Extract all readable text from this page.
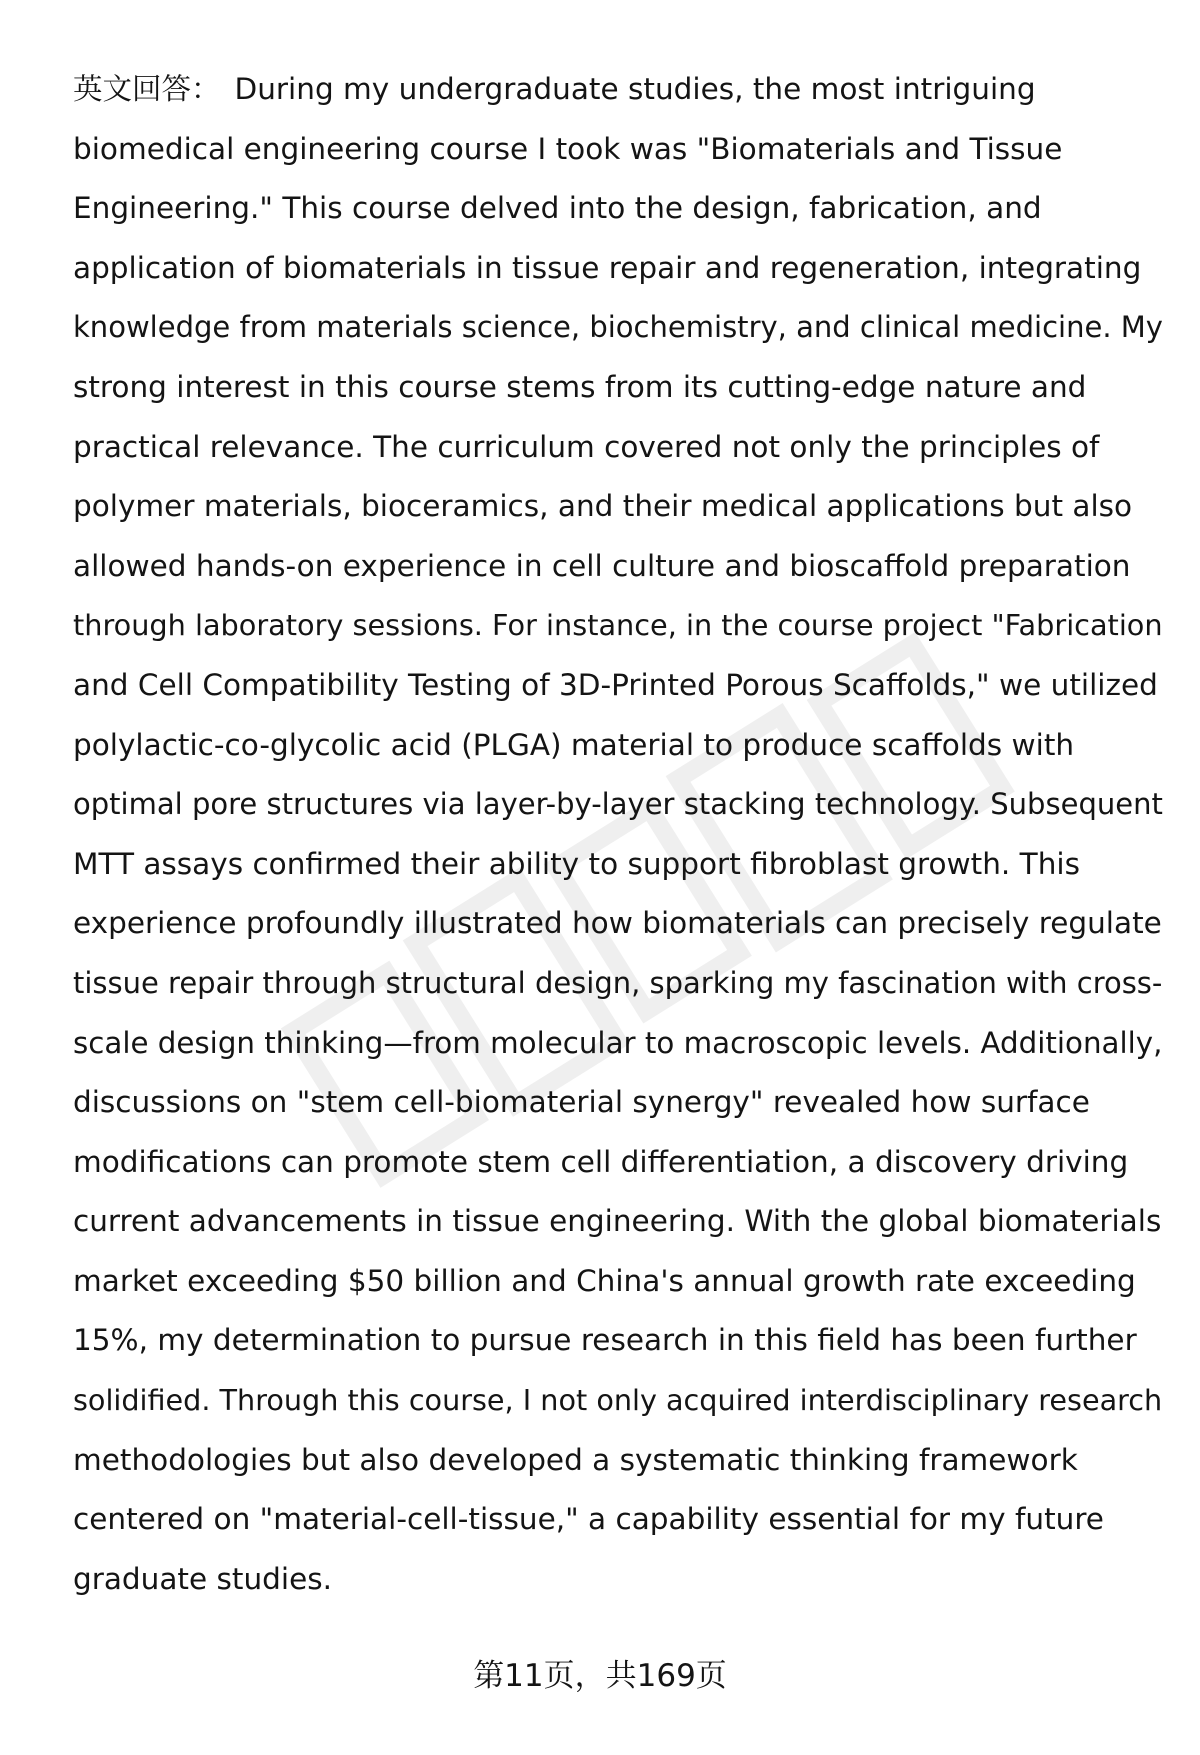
英文回答： During my undergraduate studies, the most intriguing
biomedical engineering course I took was "Biomaterials and Tissue
Engineering." This course delved into the design, fabrication, and
application of biomaterials in tissue repair and regeneration, integrating
knowledge from materials science, biochemistry, and clinical medicine. My
strong interest in this course stems from its cutting-edge nature and
practical relevance. The curriculum covered not only the principles of
polymer materials, bioceramics, and their medical applications but also
allowed hands-on experience in cell culture and bioscaffold preparation
through laboratory sessions. For instance, in the course project "Fabrication
and Cell Compatibility Testing of 3D-Printed Porous Scaffolds," we utilized
polylactic-co-glycolic acid (PLGA) material to produce scaffolds with
optimal pore structures via layer-by-layer stacking technology. Subsequent
MTT assays confirmed their ability to support fibroblast growth. This
experience profoundly illustrated how biomaterials can precisely regulate
tissue repair through structural design, sparking my fascination with cross-
scale design thinking—from molecular to macroscopic levels. Additionally,
discussions on "stem cell-biomaterial synergy" revealed how surface
modifications can promote stem cell differentiation, a discovery driving
current advancements in tissue engineering. With the global biomaterials
market exceeding $50 billion and China's annual growth rate exceeding
15%, my determination to pursue research in this field has been further
solidified. Through this course, I not only acquired interdisciplinary research
methodologies but also developed a systematic thinking framework
centered on "material-cell-tissue," a capability essential for my future
graduate studies.

第11页，共169页
